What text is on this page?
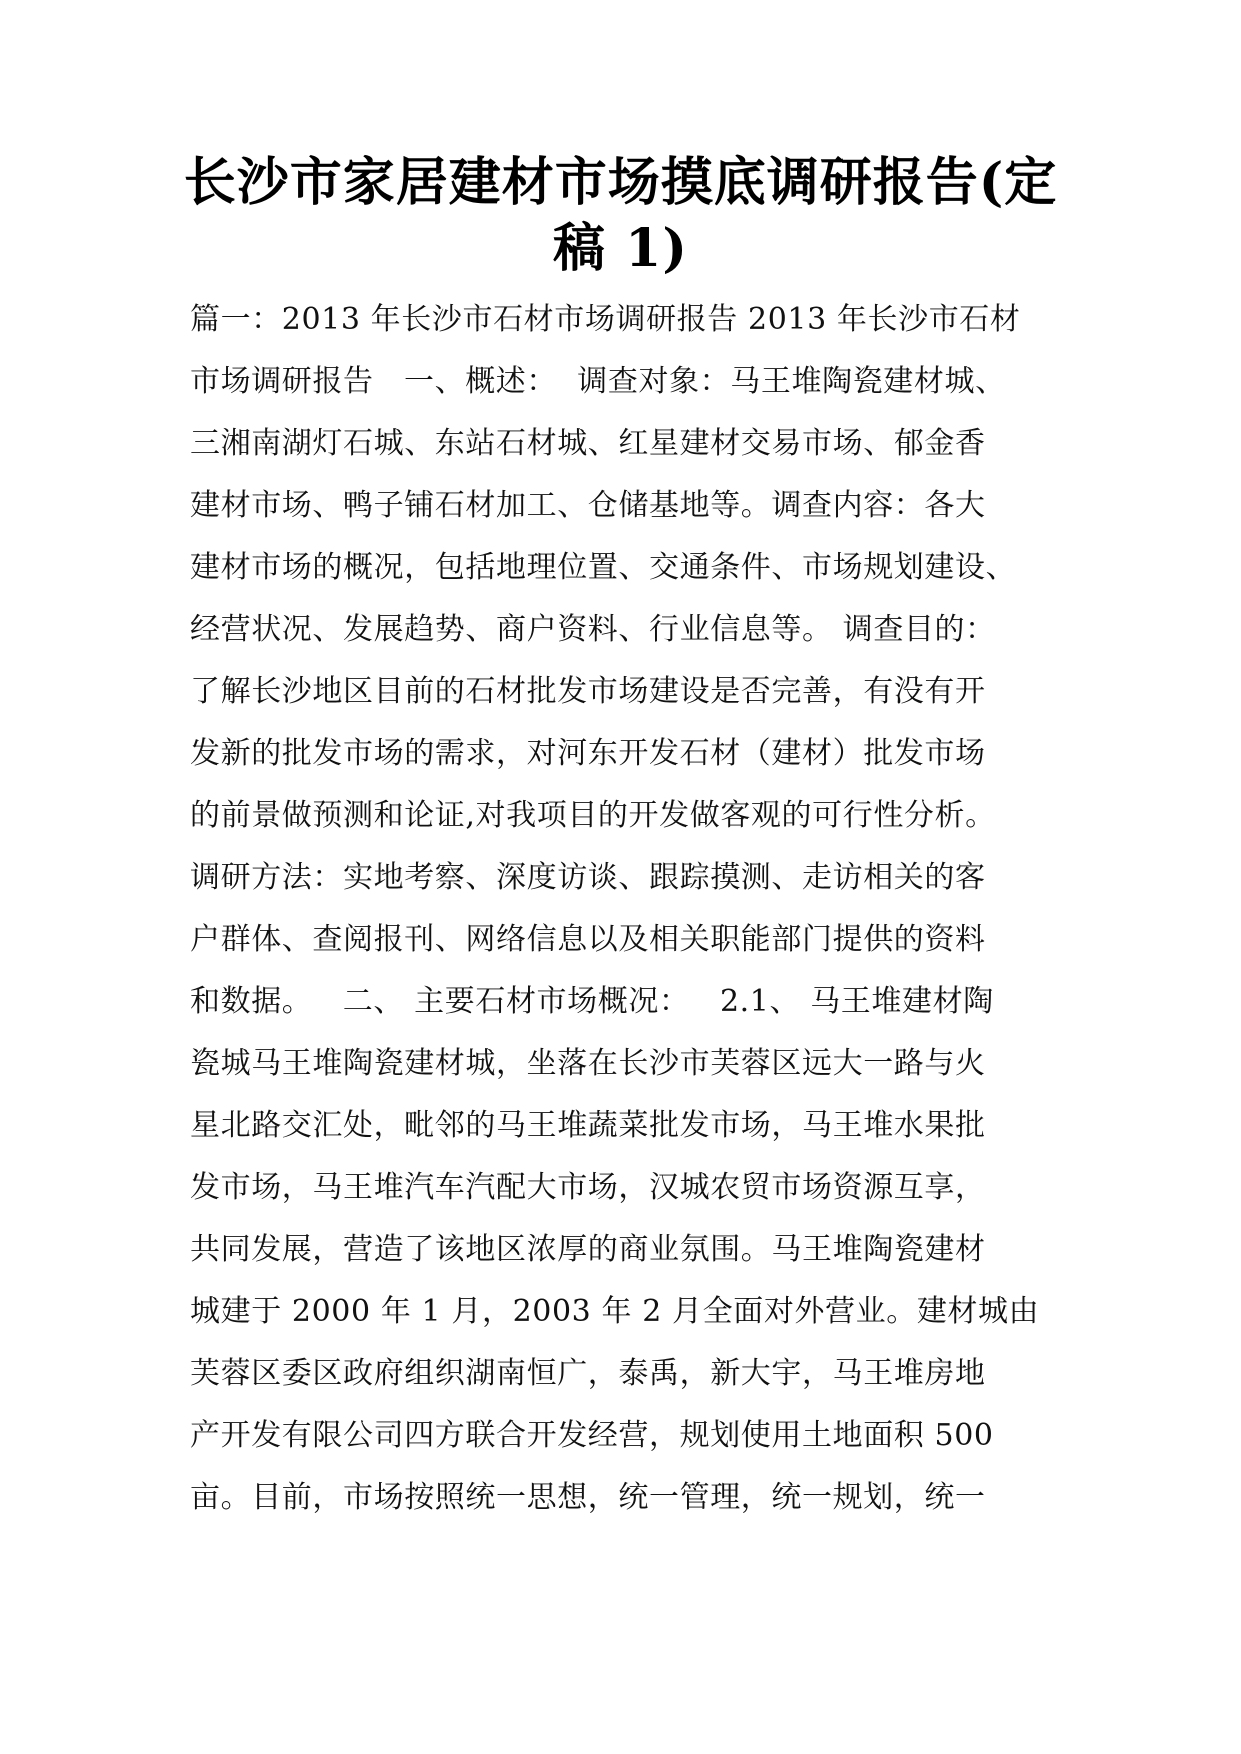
长沙市家居建材市场摸底调研报告(定
稿 1)
篇一：2013 年长沙市石材市场调研报告 2013 年长沙市石材
市场调研报告   一、概述：  调查对象：马王堆陶瓷建材城、
三湘南湖灯石城、东站石材城、红星建材交易市场、郁金香
建材市场、鸭子铺石材加工、仓储基地等。调查内容：各大
建材市场的概况，包括地理位置、交通条件、市场规划建设、
经营状况、发展趋势、商户资料、行业信息等。 调查目的：
了解长沙地区目前的石材批发市场建设是否完善，有没有开
发新的批发市场的需求，对河东开发石材（建材）批发市场
的前景做预测和论证,对我项目的开发做客观的可行性分析。
调研方法：实地考察、深度访谈、跟踪摸测、走访相关的客
户群体、查阅报刊、网络信息以及相关职能部门提供的资料
和数据。   二、 主要石材市场概况：   2.1、 马王堆建材陶
瓷城马王堆陶瓷建材城，坐落在长沙市芙蓉区远大一路与火
星北路交汇处，毗邻的马王堆蔬菜批发市场，马王堆水果批
发市场，马王堆汽车汽配大市场，汉城农贸市场资源互享，
共同发展，营造了该地区浓厚的商业氛围。马王堆陶瓷建材
城建于 2000 年 1 月，2003 年 2 月全面对外营业。建材城由
芙蓉区委区政府组织湖南恒广，泰禹，新大宇，马王堆房地
产开发有限公司四方联合开发经营，规划使用土地面积 500
亩。目前，市场按照统一思想，统一管理，统一规划，统一
